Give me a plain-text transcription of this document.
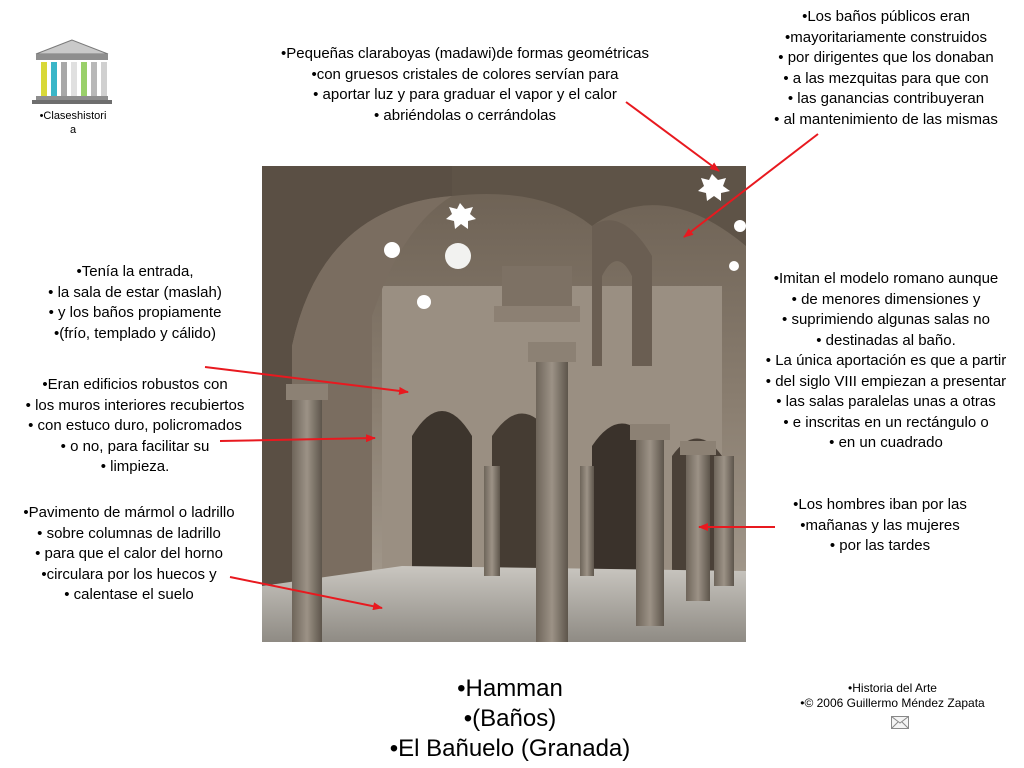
•Claseshistori
a
•Pequeñas claraboyas (madawi)de formas geométricas
•con gruesos cristales de colores servían para
• aportar luz y para graduar el vapor y el calor
• abriéndolas o cerrándolas
•Los baños públicos eran
•mayoritariamente construidos
• por dirigentes que los donaban
• a las mezquitas para que con
• las ganancias contribuyeran
• al mantenimiento de las mismas
•Tenía la entrada,
• la sala de estar (maslah)
• y los baños propiamente
•(frío, templado y cálido)
•Eran edificios robustos con
• los muros interiores recubiertos
• con estuco duro, policromados
• o no, para facilitar su
• limpieza.
•Pavimento de mármol o ladrillo
• sobre columnas de ladrillo
• para que el calor del horno
•circulara por los huecos y
• calentase el suelo
•Imitan el modelo romano aunque
• de menores dimensiones y
• suprimiendo algunas salas no
• destinadas al baño.
• La única aportación es que a partir
• del siglo VIII empiezan a presentar
• las salas paralelas unas a otras
• e inscritas en un rectángulo o
• en un cuadrado
•Los hombres iban por las
•mañanas y las mujeres
• por las tardes
•Hamman
•(Baños)
•El Bañuelo (Granada)
•Historia del Arte
•© 2006 Guillermo Méndez Zapata
